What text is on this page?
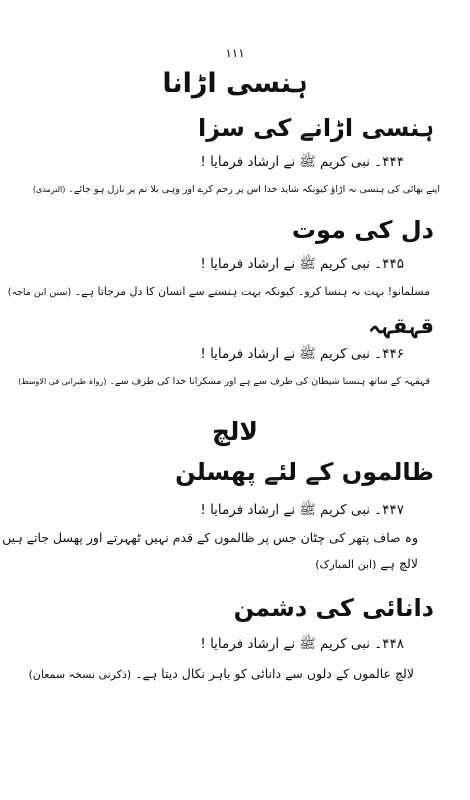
۱۱۱
ہنسی اڑانا
ہنسی اڑانے کی سزا
۴۴۴۔ نبی کریم ﷺ نے ارشاد فرمایا !
اپنے بھائی کی ہنسی نہ اڑاؤ کیونکہ شاید خدا اس پر رحم کرے اور وہی بلا تم پر نازل ہو جائے۔ (الترمذی)
دل کی موت
۴۴۵۔ نبی کریم ﷺ نے ارشاد فرمایا !
مسلمانو! بہت نہ ہنسا کرو۔ کیونکہ بہت ہنسنے سے انسان کا دل مرجاتا ہے۔ (سنن ابن ماجہ)
قہقہہ
۴۴۶۔ نبی کریم ﷺ نے ارشاد فرمایا !
قہقہہ کے ساتھ ہنسنا شیطان کی طرف سے ہے اور مسکرانا خدا کی طرف سے۔ (رواہ طبرانی فی الاوسط)
لالچ
ظالموں کے لئے پھسلن
۴۴۷۔ نبی کریم ﷺ نے ارشاد فرمایا !
وہ صاف پتھر کی چٹان جس پر ظالموں کے قدم نہیں ٹھہرتے اور پھسل جاتے ہیں
لالچ ہے (ابن المبارک)
دانائی کی دشمن
۴۴۸۔ نبی کریم ﷺ نے ارشاد فرمایا !
لالچ عالموں کے دلوں سے دانائی کو باہر نکال دیتا ہے۔ (ذکرنی نسخہ سمعان)
